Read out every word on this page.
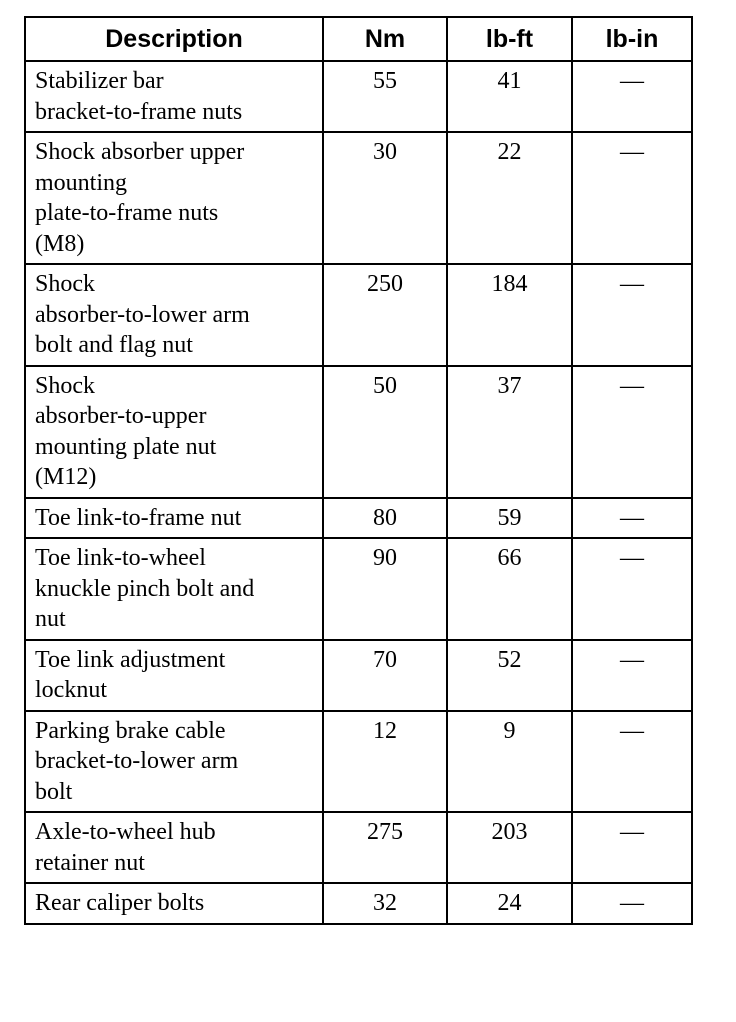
Description	Nm	lb-ft	lb-in

Stabilizer bar
bracket-to-frame nuts	55	41	—

Shock absorber upper
mounting
plate-to-frame nuts
(M8)	30	22	—

Shock
absorber-to-lower arm
bolt and flag nut	250	184	—

Shock
absorber-to-upper
mounting plate nut
(M12)	50	37	—

Toe link-to-frame nut	80	59	—

Toe link-to-wheel
knuckle pinch bolt and
nut	90	66	—

Toe link adjustment
locknut	70	52	—

Parking brake cable
bracket-to-lower arm
bolt	12	9	—

Axle-to-wheel hub
retainer nut	275	203	—

Rear caliper bolts	32	24	—
